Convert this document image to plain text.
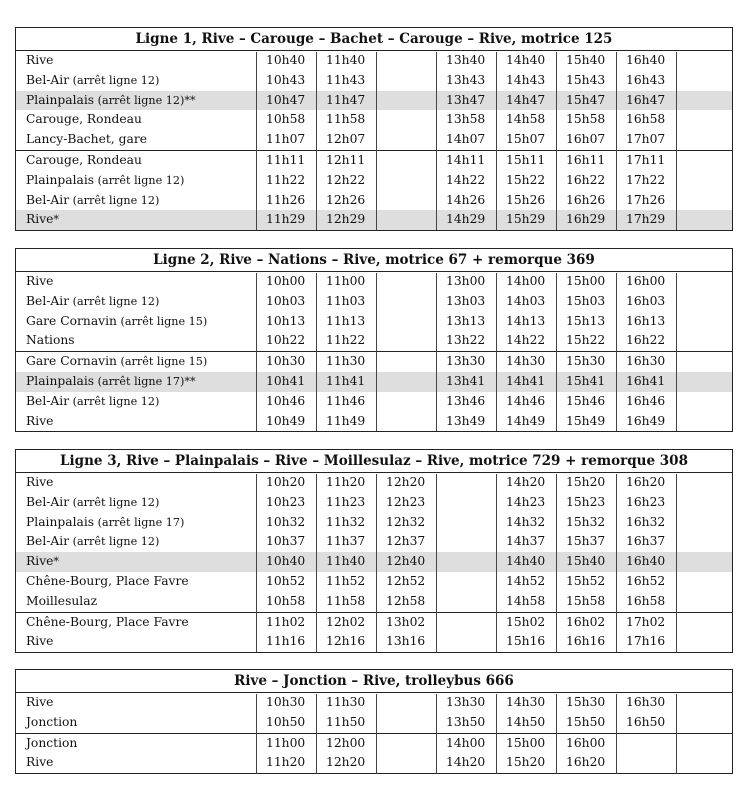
Ligne 1, Rive – Carouge – Bachet – Carouge – Rive, motrice 125
Rive	10h40	11h40	13h40	14h40	15h40	16h40
Bel-Air (arrêt ligne 12)	10h43	11h43	13h43	14h43	15h43	16h43
Plainpalais (arrêt ligne 12)**	10h47	11h47	13h47	14h47	15h47	16h47
Carouge, Rondeau	10h58	11h58	13h58	14h58	15h58	16h58
Lancy-Bachet, gare	11h07	12h07	14h07	15h07	16h07	17h07
Carouge, Rondeau	11h11	12h11	14h11	15h11	16h11	17h11
Plainpalais (arrêt ligne 12)	11h22	12h22	14h22	15h22	16h22	17h22
Bel-Air (arrêt ligne 12)	11h26	12h26	14h26	15h26	16h26	17h26
Rive*	11h29	12h29	14h29	15h29	16h29	17h29
Ligne 2, Rive – Nations – Rive, motrice 67 + remorque 369
Rive	10h00	11h00	13h00	14h00	15h00	16h00
Bel-Air (arrêt ligne 12)	10h03	11h03	13h03	14h03	15h03	16h03
Gare Cornavin (arrêt ligne 15)	10h13	11h13	13h13	14h13	15h13	16h13
Nations	10h22	11h22	13h22	14h22	15h22	16h22
Gare Cornavin (arrêt ligne 15)	10h30	11h30	13h30	14h30	15h30	16h30
Plainpalais (arrêt ligne 17)**	10h41	11h41	13h41	14h41	15h41	16h41
Bel-Air (arrêt ligne 12)	10h46	11h46	13h46	14h46	15h46	16h46
Rive	10h49	11h49	13h49	14h49	15h49	16h49
Ligne 3, Rive – Plainpalais – Rive – Moillesulaz – Rive, motrice 729 + remorque 308
Rive	10h20	11h20	12h20	14h20	15h20	16h20
Bel-Air (arrêt ligne 12)	10h23	11h23	12h23	14h23	15h23	16h23
Plainpalais (arrêt ligne 17)	10h32	11h32	12h32	14h32	15h32	16h32
Bel-Air (arrêt ligne 12)	10h37	11h37	12h37	14h37	15h37	16h37
Rive*	10h40	11h40	12h40	14h40	15h40	16h40
Chêne-Bourg, Place Favre	10h52	11h52	12h52	14h52	15h52	16h52
Moillesulaz	10h58	11h58	12h58	14h58	15h58	16h58
Chêne-Bourg, Place Favre	11h02	12h02	13h02	15h02	16h02	17h02
Rive	11h16	12h16	13h16	15h16	16h16	17h16
Rive – Jonction – Rive, trolleybus 666
Rive	10h30	11h30	13h30	14h30	15h30	16h30
Jonction	10h50	11h50	13h50	14h50	15h50	16h50
Jonction	11h00	12h00	14h00	15h00	16h00
Rive	11h20	12h20	14h20	15h20	16h20
